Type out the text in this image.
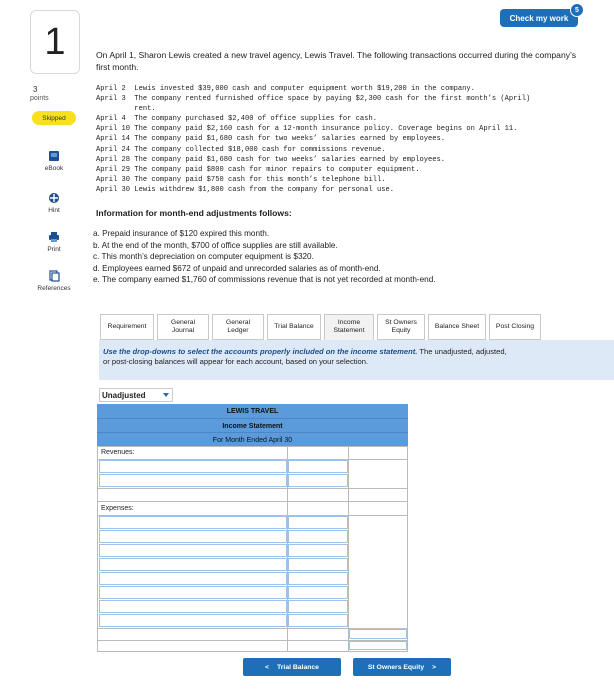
1
3
points
Skipped
eBook
Hint
Print
References
Check my work
5
On April 1, Sharon Lewis created a new travel agency, Lewis Travel. The following transactions occurred during the company’s first month.
April 2  Lewis invested $39,000 cash and computer equipment worth $19,200 in the company.
April 3  The company rented furnished office space by paying $2,300 cash for the first month’s (April)
rent.
April 4  The company purchased $2,400 of office supplies for cash.
April 10 The company paid $2,160 cash for a 12-month insurance policy. Coverage begins on April 11.
April 14 The company paid $1,680 cash for two weeks’ salaries earned by employees.
April 24 The company collected $18,000 cash for commissions revenue.
April 28 The company paid $1,680 cash for two weeks’ salaries earned by employees.
April 29 The company paid $800 cash for minor repairs to computer equipment.
April 30 The company paid $750 cash for this month’s telephone bill.
April 30 Lewis withdrew $1,800 cash from the company for personal use.
Information for month-end adjustments follows:
a. Prepaid insurance of $120 expired this month.
b. At the end of the month, $700 of office supplies are still available.
c. This month’s depreciation on computer equipment is $320.
d. Employees earned $672 of unpaid and unrecorded salaries as of month-end.
e. The company earned $1,760 of commissions revenue that is not yet recorded at month-end.
Requirement
General Journal
General Ledger
Trial Balance
Income Statement
St Owners Equity
Balance Sheet	Post Closing
Use the drop-downs to select the accounts properly included on the income statement. The unadjusted, adjusted,
or post-closing balances will appear for each account, based on your selection.
Unadjusted
LEWIS TRAVEL
Income Statement
For Month Ended April 30
Revenues:
Expenses:
< Trial Balance	St Owners Equity >
